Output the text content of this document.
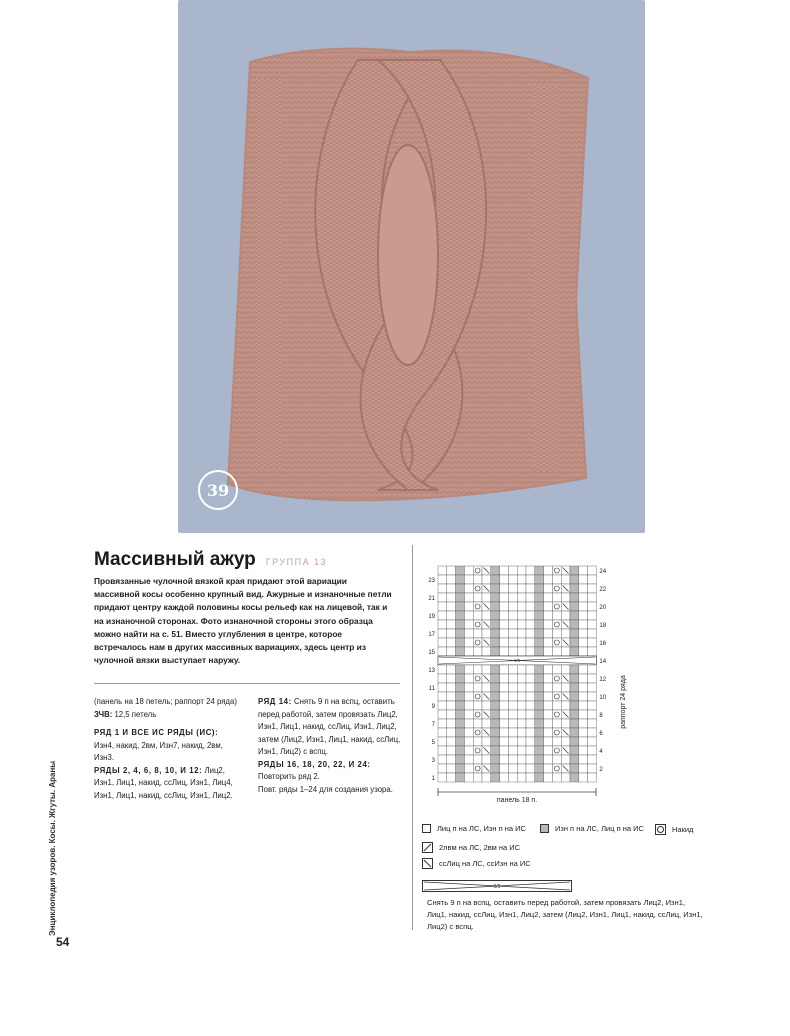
39
Массивный ажур ГРУППА 13
Провязанные чулочной вязкой края придают этой вариации массивной косы особенно крупный вид. Ажурные и изнаночные петли придают центру каждой половины косы рельеф как на лицевой, так и на изнаночной сторонах. Фото изнаночной стороны этого образца можно найти на с. 51. Вместо углубления в центре, которое встречалось нам в других массивных вариациях, здесь центр из чулочной вязки выступает наружу.

(панель на 18 петель; раппорт 24 ряда)

ЗЧВ: 12,5 петель

РЯД 1 И ВСЕ ИС РЯДЫ (ИС):

Изн4, накид, 2вм, Изн7, накид, 2вм, Изн3.

РЯДЫ 2, 4, 6, 8, 10, И 12: Лиц2, Изн1, Лиц1, накид, ссЛиц, Изн1, Лиц4, Изн1, Лиц1, накид, ссЛиц, Изн1, Лиц2.

РЯД 14: Снять 9 п на вспц, оставить перед работой, затем провязать Лиц2, Изн1, Лиц1, накид, ссЛиц, Изн1, Лиц2, затем (Лиц2, Изн1, Лиц1, накид, ссЛиц, Изн1, Лиц2) с вспц.

РЯДЫ 16, 18, 20, 22, И 24:

Повторить ряд 2.

Повт. ряды 1–24 для создания узора.

9/9
23
21
19
17
15
13
11
9
7
5
3
1
24
22
20
18
16
14
12
10
8
6
4
2
раппорт 24 ряда
панель 18 п.
Лиц п на ЛС, Изн п на ИС	Изн п на ЛС, Лиц п на ИС	Накид
2лвм на ЛС, 2вм на ИС
ссЛиц на ЛС, ссИзн на ИС
9/9
Снять 9 п на вспц, оставить перед работой, затем провязать Лиц2, Изн1, Лиц1, накид, ссЛиц, Изн1, Лиц2, затем (Лиц2, Изн1, Лиц1, накид, ссЛиц, Изн1, Лиц2) с вспц.
Энциклопедия узоров. Косы. Жгуты. Араны
54
